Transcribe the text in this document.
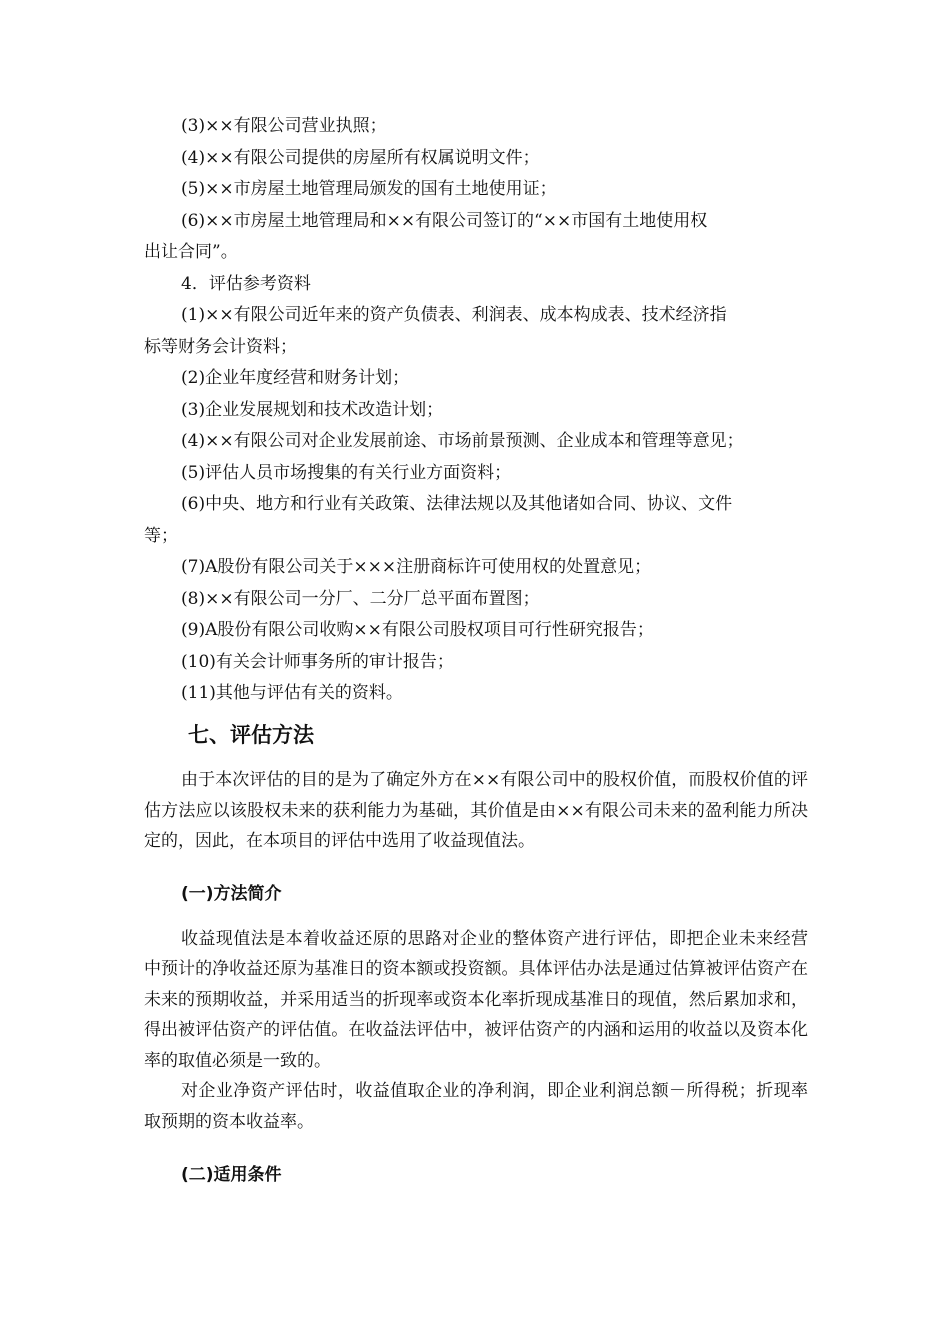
(3)××有限公司营业执照；

(4)××有限公司提供的房屋所有权属说明文件；

(5)××市房屋土地管理局颁发的国有土地使用证；

(6)××市房屋土地管理局和××有限公司签订的“××市国有土地使用权

出让合同”。

4．评估参考资料

(1)××有限公司近年来的资产负债表、利润表、成本构成表、技术经济指

标等财务会计资料；

(2)企业年度经营和财务计划；

(3)企业发展规划和技术改造计划；

(4)××有限公司对企业发展前途、市场前景预测、企业成本和管理等意见；

(5)评估人员市场搜集的有关行业方面资料；

(6)中央、地方和行业有关政策、法律法规以及其他诸如合同、协议、文件

等；

(7)A股份有限公司关于×××注册商标许可使用权的处置意见；

(8)××有限公司一分厂、二分厂总平面布置图；

(9)A股份有限公司收购××有限公司股权项目可行性研究报告；

(10)有关会计师事务所的审计报告；

(11)其他与评估有关的资料。

七、评估方法

由于本次评估的目的是为了确定外方在××有限公司中的股权价值，而股权价值的评估方法应以该股权未来的获利能力为基础，其价值是由××有限公司未来的盈利能力所决定的，因此，在本项目的评估中选用了收益现值法。

(一)方法简介

收益现值法是本着收益还原的思路对企业的整体资产进行评估，即把企业未来经营中预计的净收益还原为基准日的资本额或投资额。具体评估办法是通过估算被评估资产在未来的预期收益，并采用适当的折现率或资本化率折现成基准日的现值，然后累加求和，得出被评估资产的评估值。在收益法评估中，被评估资产的内涵和运用的收益以及资本化率的取值必须是一致的。

对企业净资产评估时，收益值取企业的净利润，即企业利润总额－所得税；折现率取预期的资本收益率。

(二)适用条件
